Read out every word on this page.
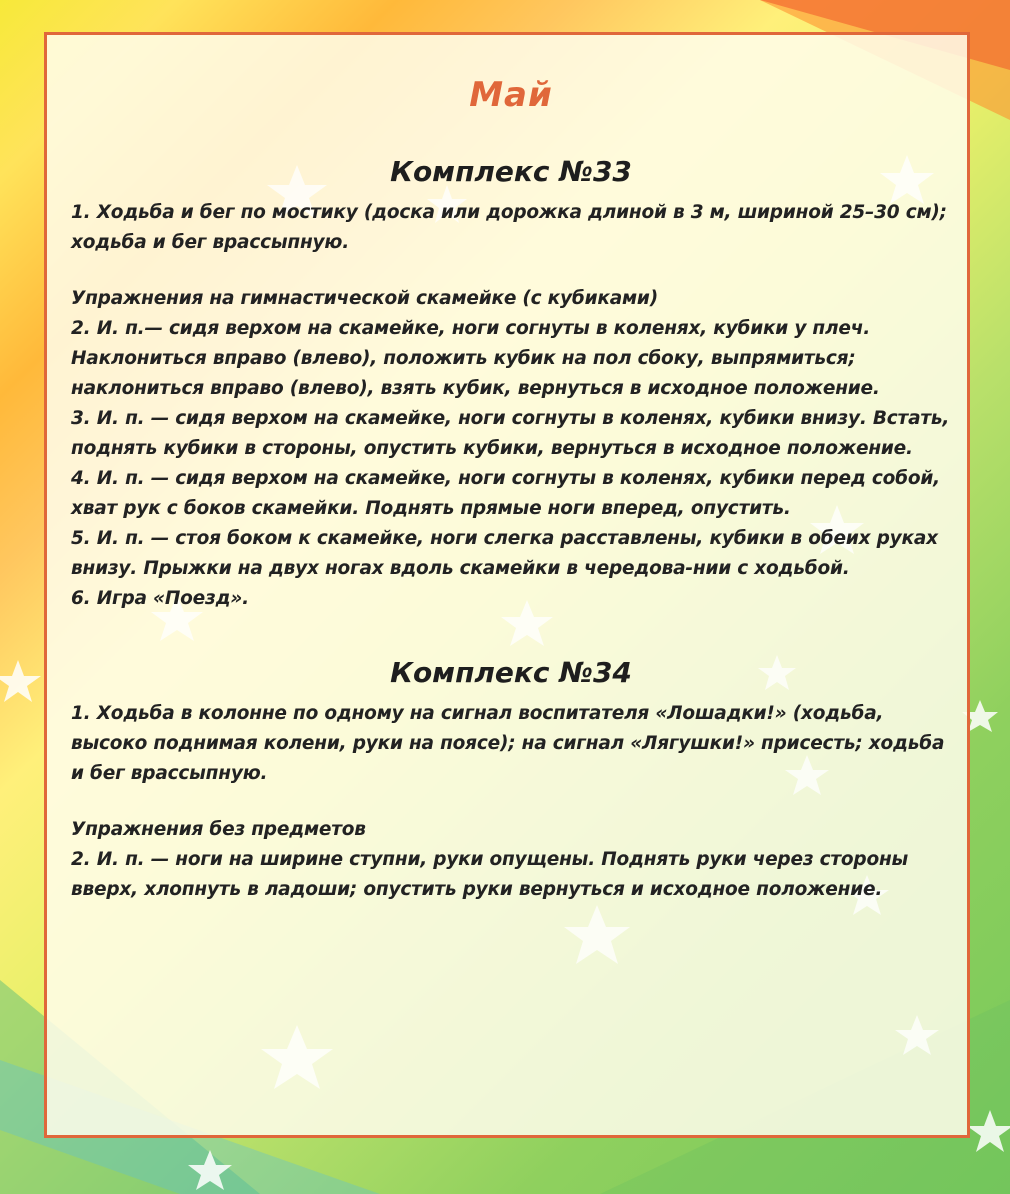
Май
Комплекс №33

1. Ходьба и бег по мостику (доска или дорожка длиной в 3 м, шириной 25–30 см); ходьба и бег врассыпную.

Упражнения на гимнастической скамейке (с кубиками)

2. И. п.— сидя верхом на скамейке, ноги согнуты в коленях, кубики у плеч. Наклониться вправо (влево), положить кубик на пол сбоку, выпрямиться; наклониться вправо (влево), взять кубик, вернуться в исходное положение.

3. И. п. — сидя верхом на скамейке, ноги согнуты в коленях, кубики внизу. Встать, поднять кубики в стороны, опустить кубики, вернуться в исходное положение.

4. И. п. — сидя верхом на скамейке, ноги согнуты в коленях, кубики перед собой, хват рук с боков скамейки. Поднять прямые ноги вперед, опустить.

5. И. п. — стоя боком к скамейке, ноги слегка расставлены, кубики в обеих руках внизу. Прыжки на двух ногах вдоль скамейки в чередова-нии с ходьбой.

6. Игра «Поезд».

Комплекс №34

1. Ходьба в колонне по одному на сигнал воспитателя «Лошадки!» (ходьба, высоко поднимая колени, руки на поясе); на сигнал «Лягушки!» присесть; ходьба и бег врассыпную.

Упражнения без предметов

2. И. п. — ноги на ширине ступни, руки опущены. Поднять руки через стороны вверх, хлопнуть в ладоши; опустить руки вернуться и исходное положение.
